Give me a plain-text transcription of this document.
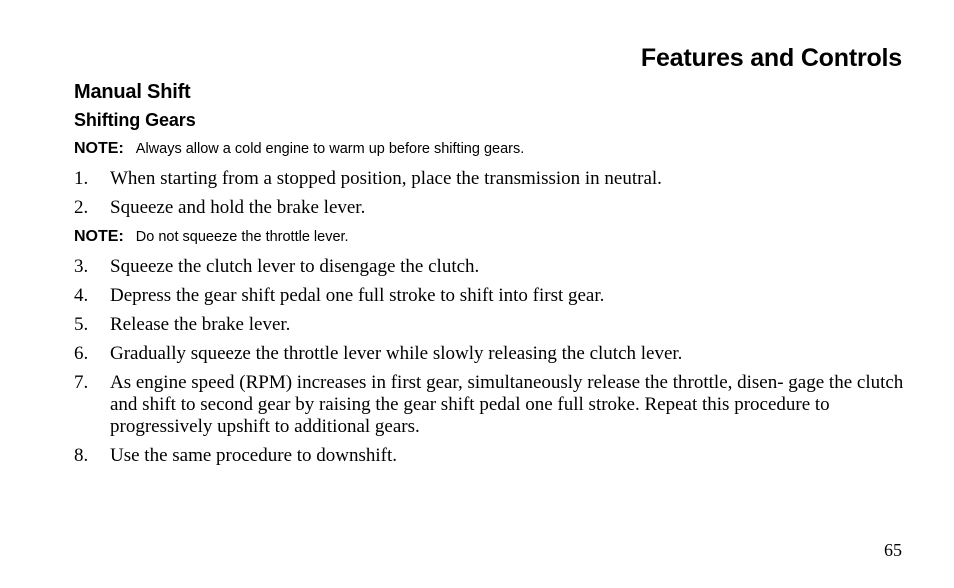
Features and Controls
Manual Shift
Shifting Gears

NOTE: Always allow a cold engine to warm up before shifting gears.

1.	When starting from a stopped position, place the transmission in neutral.
2.	Squeeze and hold the brake lever.

NOTE: Do not squeeze the throttle lever.

3.	Squeeze the clutch lever to disengage the clutch.
4.	Depress the gear shift pedal one full stroke to shift into first gear.
5.	Release the brake lever.
6.	Gradually squeeze the throttle lever while slowly releasing the clutch lever.
7.	As engine speed (RPM) increases in first gear, simultaneously release the throttle, disen- gage the clutch and shift to second gear by raising the gear shift pedal one full stroke. Repeat this procedure to progressively upshift to additional gears.
8.	Use the same procedure to downshift.

65
